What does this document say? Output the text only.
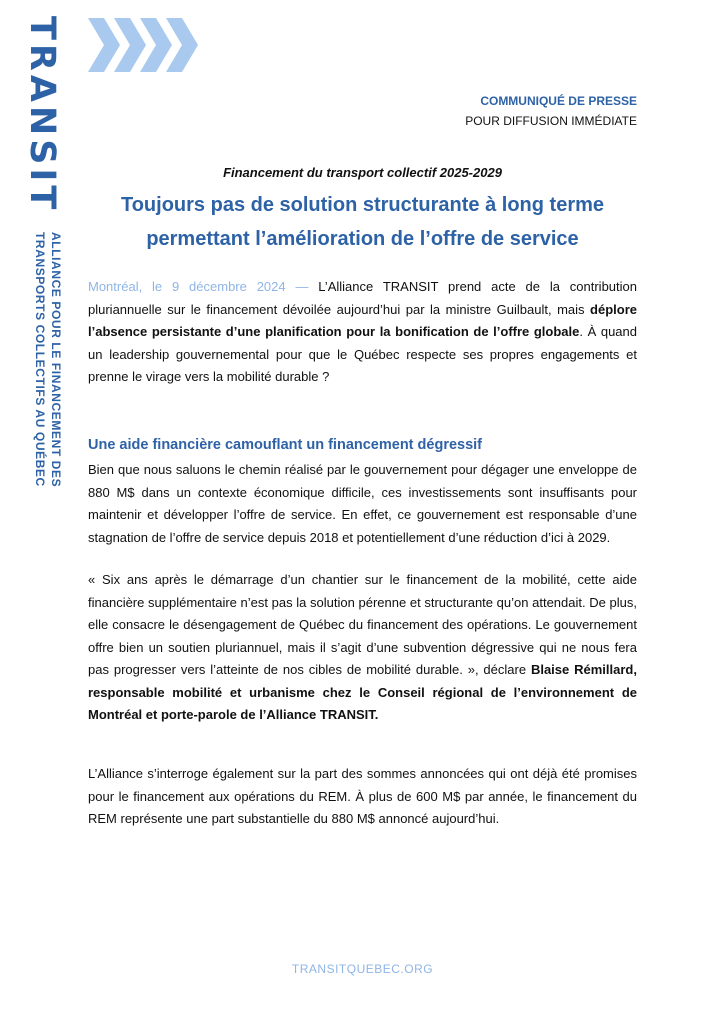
TRANSIT
ALLIANCE POUR LE FINANCEMENT DES
TRANSPORTS COLLECTIFS AU QUÉBEC
COMMUNIQUÉ DE PRESSE
POUR DIFFUSION IMMÉDIATE
Financement du transport collectif 2025-2029
Toujours pas de solution structurante à long terme
permettant l’amélioration de l’offre de service
Montréal, le 9 décembre 2024 — L’Alliance TRANSIT prend acte de la contribution pluriannuelle sur le financement dévoilée aujourd’hui par la ministre Guilbault, mais déplore l’absence persistante d’une planification pour la bonification de l’offre globale. À quand un leadership gouvernemental pour que le Québec respecte ses propres engagements et prenne le virage vers la mobilité durable ?
Une aide financière camouflant un financement dégressif
Bien que nous saluons le chemin réalisé par le gouvernement pour dégager une enveloppe de 880 M$ dans un contexte économique difficile, ces investissements sont insuffisants pour maintenir et développer l’offre de service. En effet, ce gouvernement est responsable d’une stagnation de l’offre de service depuis 2018 et potentiellement d’une réduction d’ici à 2029.
« Six ans après le démarrage d’un chantier sur le financement de la mobilité, cette aide financière supplémentaire n’est pas la solution pérenne et structurante qu’on attendait. De plus, elle consacre le désengagement de Québec du financement des opérations. Le gouvernement offre bien un soutien pluriannuel, mais il s’agit d’une subvention dégressive qui ne nous fera pas progresser vers l’atteinte de nos cibles de mobilité durable. », déclare Blaise Rémillard, responsable mobilité et urbanisme chez le Conseil régional de l’environnement de Montréal et porte-parole de l’Alliance TRANSIT.
L’Alliance s’interroge également sur la part des sommes annoncées qui ont déjà été promises pour le financement aux opérations du REM. À plus de 600 M$ par année, le financement du REM représente une part substantielle du 880 M$ annoncé aujourd’hui.
TRANSITQUEBEC.ORG
